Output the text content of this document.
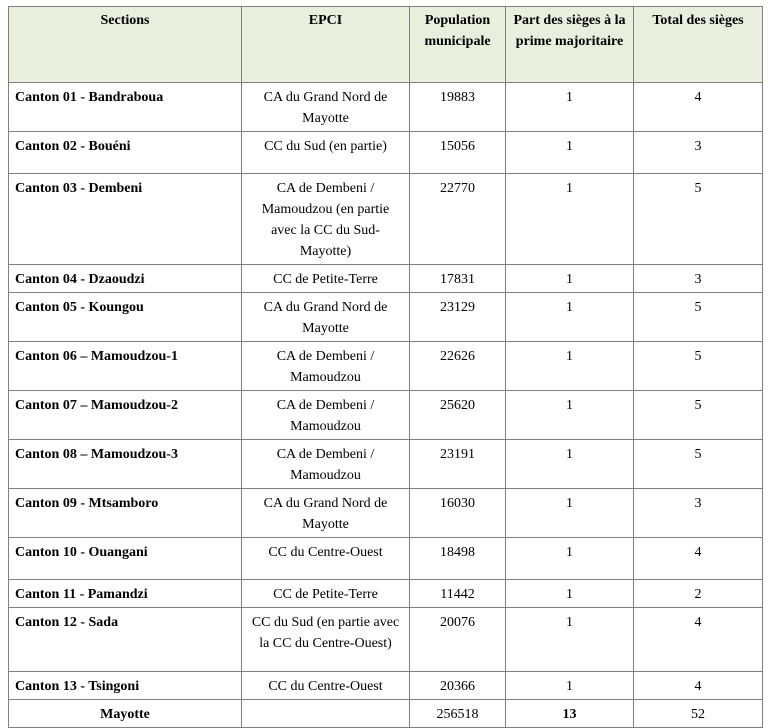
Sections	EPCI	Population municipale	Part des sièges à la prime majoritaire	Total des sièges
Canton 01 - Bandraboua	CA du Grand Nord de Mayotte	19883	1	4
Canton 02 - Bouéni	CC du Sud (en partie)	15056	1	3
Canton 03 - Dembeni	CA de Dembeni / Mamoudzou (en partie avec la CC du Sud-Mayotte)	22770	1	5
Canton 04 - Dzaoudzi	CC de Petite-Terre	17831	1	3
Canton 05 - Koungou	CA du Grand Nord de Mayotte	23129	1	5
Canton 06 – Mamoudzou-1	CA de Dembeni / Mamoudzou	22626	1	5
Canton 07 – Mamoudzou-2	CA de Dembeni / Mamoudzou	25620	1	5
Canton 08 – Mamoudzou-3	CA de Dembeni / Mamoudzou	23191	1	5
Canton 09 - Mtsamboro	CA du Grand Nord de Mayotte	16030	1	3
Canton 10 - Ouangani	CC du Centre-Ouest	18498	1	4
Canton 11 - Pamandzi	CC de Petite-Terre	11442	1	2
Canton 12 - Sada	CC du Sud (en partie avec la CC du Centre-Ouest)	20076	1	4
Canton 13 - Tsingoni	CC du Centre-Ouest	20366	1	4
Mayotte		256518	13	52
